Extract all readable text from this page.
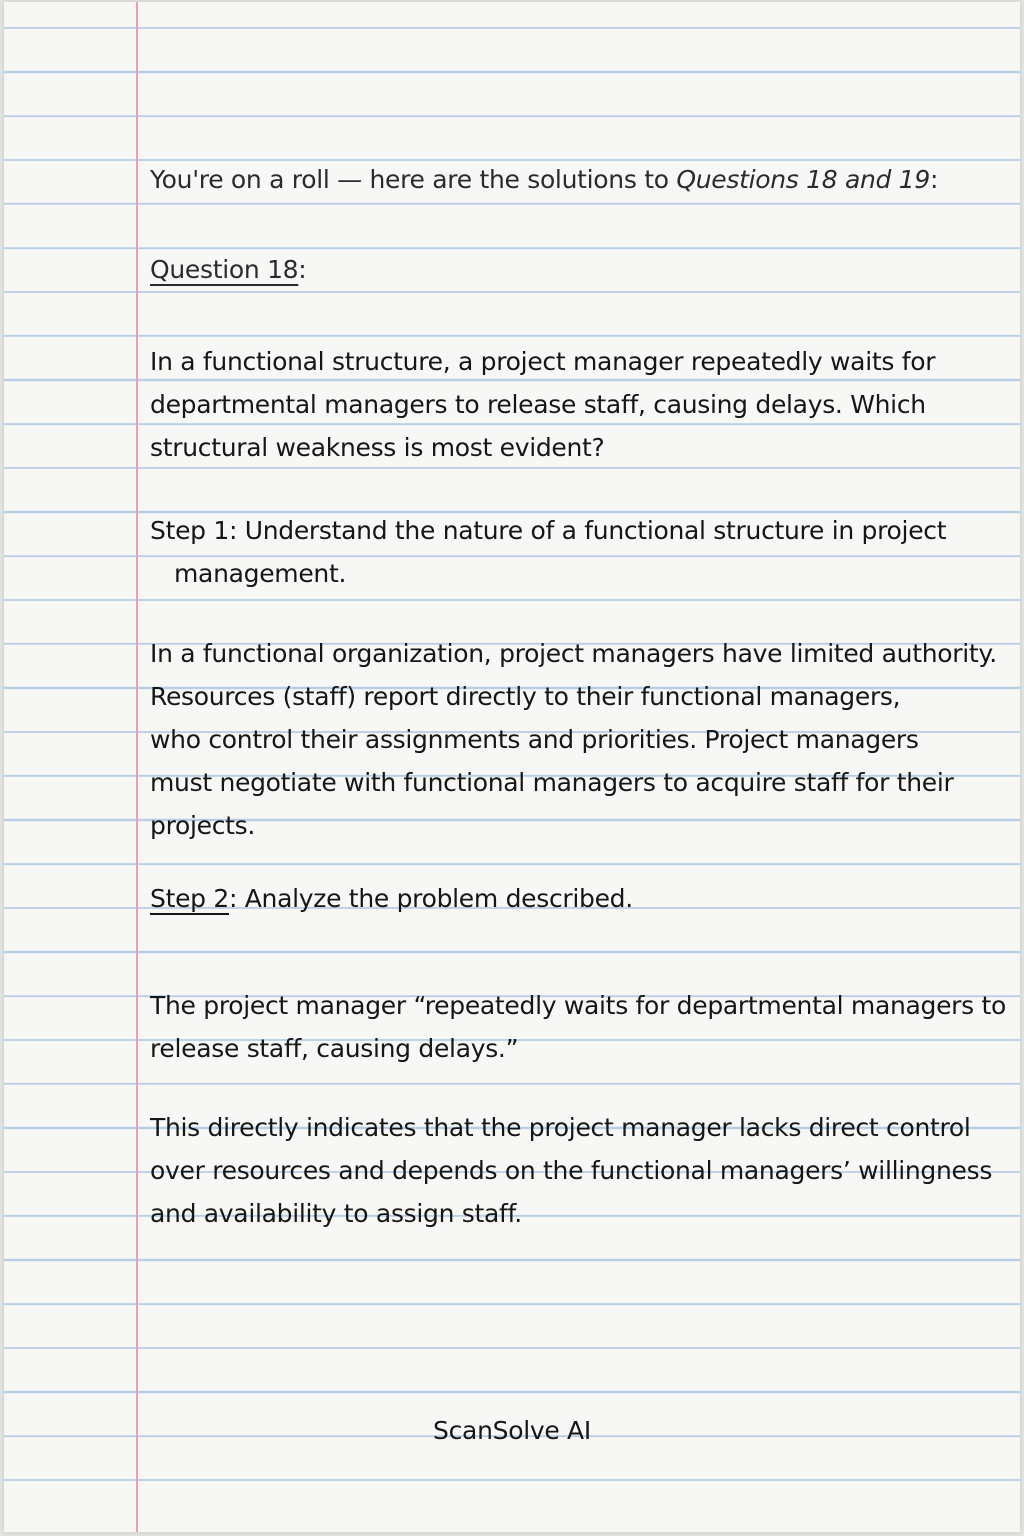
You're on a roll — here are the solutions to Questions 18 and 19:
Question 18:
In a functional structure, a project manager repeatedly waits for
departmental managers to release staff, causing delays. Which
structural weakness is most evident?
Step 1: Understand the nature of a functional structure in project
management.
In a functional organization, project managers have limited authority.
Resources (staff) report directly to their functional managers,
who control their assignments and priorities. Project managers
must negotiate with functional managers to acquire staff for their
projects.
Step 2: Analyze the problem described.
The project manager “repeatedly waits for departmental managers to
release staff, causing delays.”
This directly indicates that the project manager lacks direct control
over resources and depends on the functional managers’ willingness
and availability to assign staff.
ScanSolve AI
